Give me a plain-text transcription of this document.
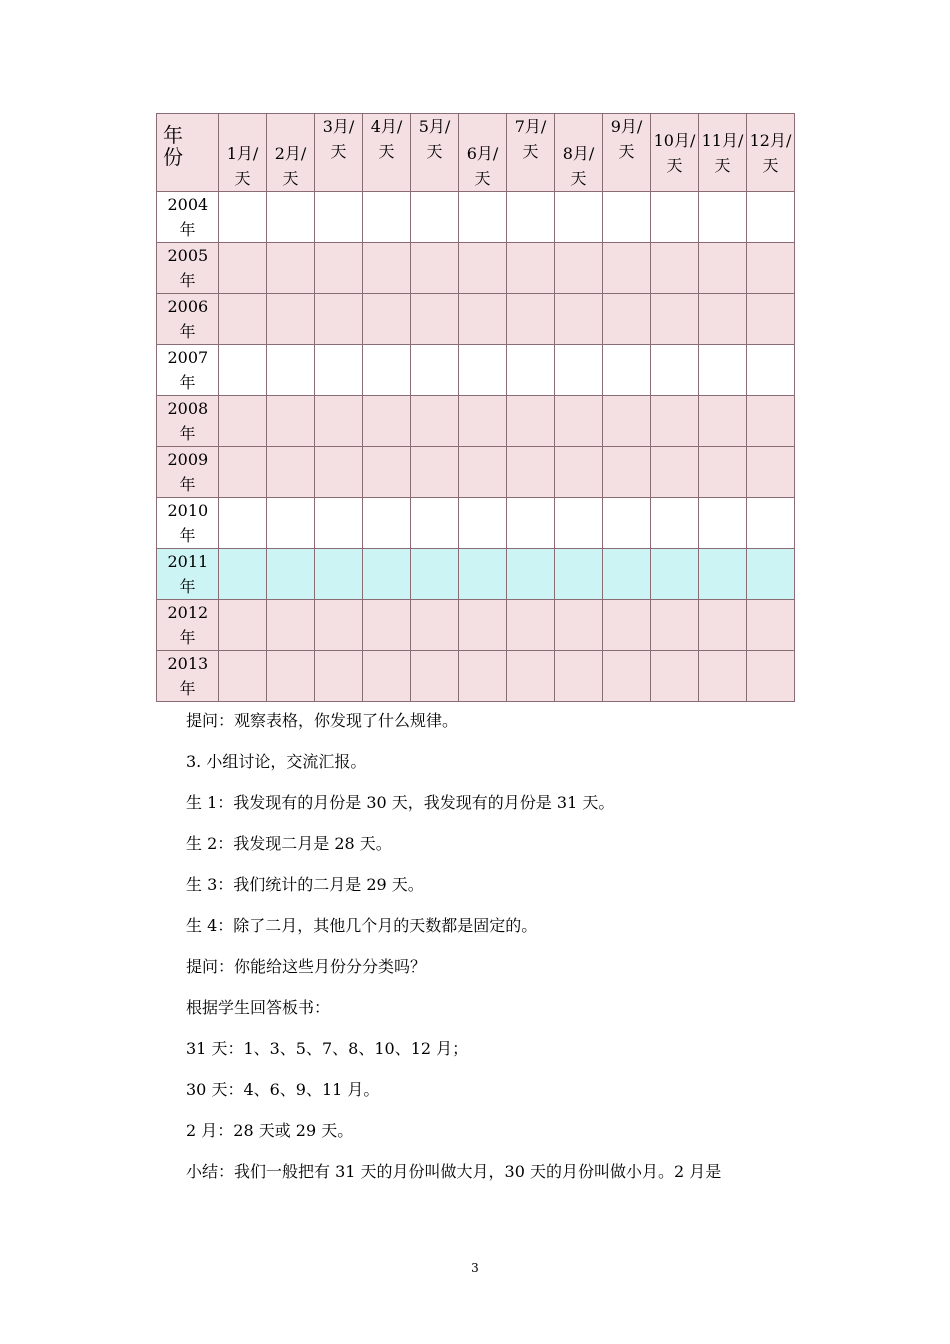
年份	1月/天	2月/天	3月/天	4月/天	5月/天	6月/天	7月/天	8月/天	9月/天	10月/天	11月/天	12月/天

2004年												

2005年												

2006年												

2007年												

2008年												

2009年												

2010年												

2011年												

2012年												

2013年												

提问：观察表格，你发现了什么规律。
3. 小组讨论，交流汇报。
生 1：我发现有的月份是 30 天，我发现有的月份是 31 天。
生 2：我发现二月是 28 天。
生 3：我们统计的二月是 29 天。
生 4：除了二月，其他几个月的天数都是固定的。
提问：你能给这些月份分分类吗？
根据学生回答板书：
31 天：1、3、5、7、8、10、12 月；
30 天：4、6、9、11 月。
2 月：28 天或 29 天。
小结：我们一般把有 31 天的月份叫做大月，30 天的月份叫做小月。2 月是
3
